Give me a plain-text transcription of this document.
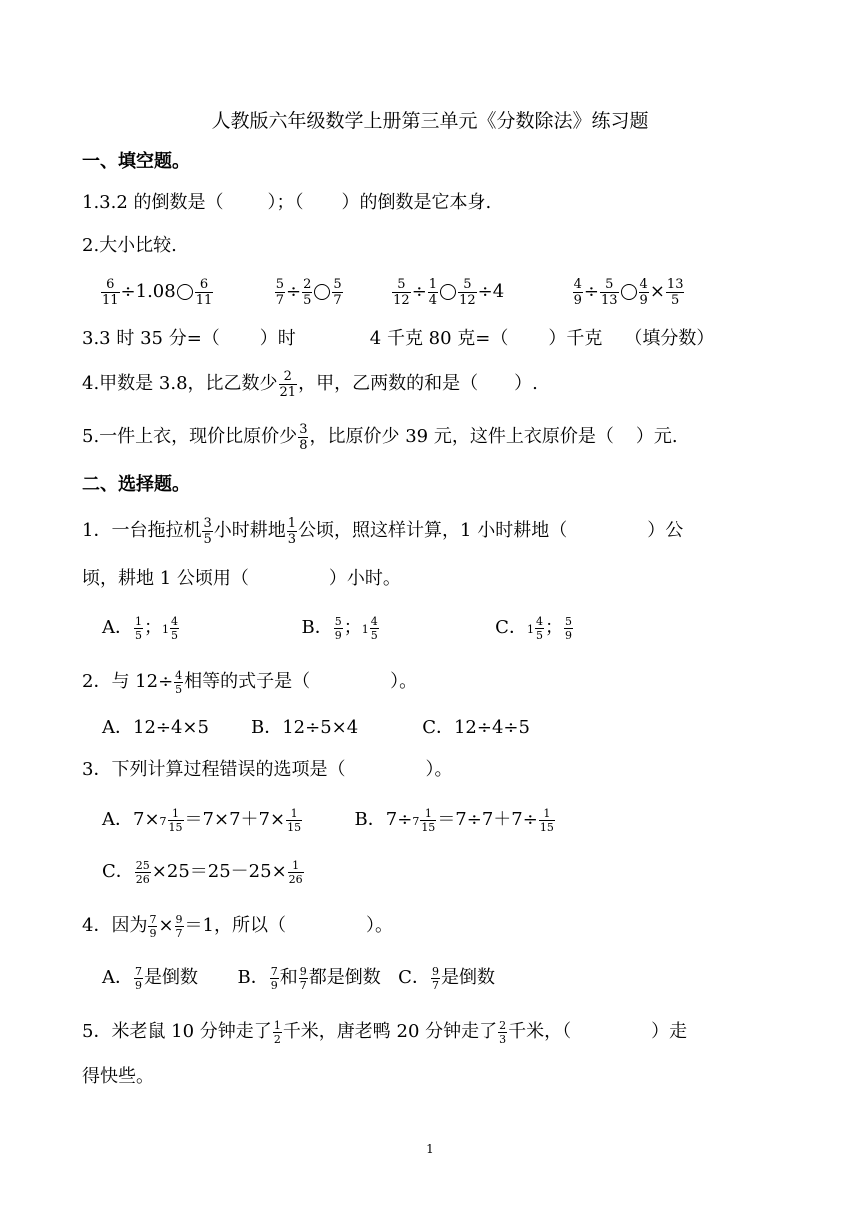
人教版六年级数学上册第三单元《分数除法》练习题
一、填空题。
1.3.2 的倒数是（ ）；（ ）的倒数是它本身.
2.大小比较.
$\frac{6}{11} \div 1.08 \frac{6}{11}$
	$\frac{5}{7} \div \frac{2}{5} \frac{5}{7}$
	$\frac{5}{12} \div \frac{1}{4} \frac{5}{12} \div 4$	$\frac{4}{9} \div \frac{5}{13} \frac{4}{9} \times \frac{13}{5}$
3.3 时 35 分=（ ）时	4 千克 80 克=（ ）千克 （填分数）
4.甲数是 3.8，比乙数少 $\frac{2}{21}$ ，甲，乙两数的和是（ ）.
5.一件上衣，现价比原价少 $\frac{3}{8}$ ，比原价少 39 元，这件上衣原价是（ ）元.
二、选择题。
1．一台拖拉机 $\frac{3}{5}$ 小时耕地 $\frac{1}{3}$ 公顷，照这样计算，1 小时耕地（	）公
顷，耕地 1 公顷用（	）小时。
A． $\frac{1}{5}$ ；$1 \frac{4}{5}$	B． $\frac{5}{9}$ ；$1 \frac{4}{5}$	C．$1 \frac{4}{5}$ ； $\frac{5}{9}$
2．与 $12\div \frac{4}{5}$ 相等的式子是（	）。
A．12÷4×5 B．12÷5×4	C．12÷4÷5
3．下列计算过程错误的选项是（	）。
A．$7\times 7 \frac{1}{15} =7\times 7+7\times \frac{1}{15}$	B．$7\div 7 \frac{1}{15} =7\div 7+7\div \frac{1}{15}$
C． $\frac{25}{26} \times 25=25-25\times \frac{1}{26}$
4．因为 $\frac{7}{9} \times \frac{9}{7} =1$，所以（	）。
A． $\frac{7}{9}$ 是倒数 B． $\frac{7}{9}$ 和 $\frac{9}{7}$ 都是倒数 C． $\frac{9}{7}$ 是倒数
5．米老鼠 10 分钟走了 $\frac{1}{2}$ 千米，唐老鸭 20 分钟走了 $\frac{2}{3}$ 千米，（	）走
得快些。
1
